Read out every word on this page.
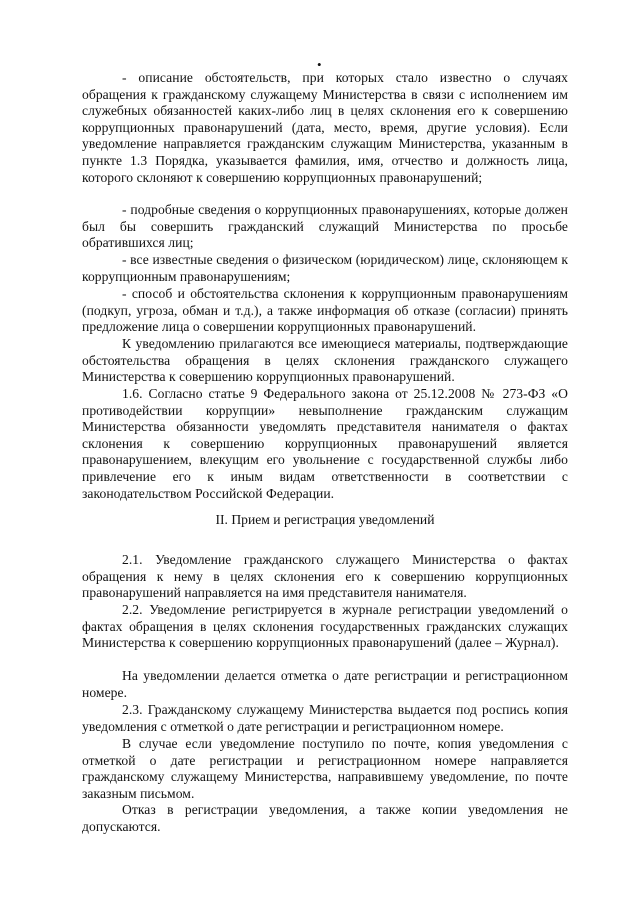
•

- описание обстоятельств, при которых стало известно о случаях обращения к гражданскому служащему Министерства в связи с исполнением им служебных обязанностей каких-либо лиц в целях склонения его к совершению коррупционных правонарушений (дата, место, время, другие условия). Если уведомление направляется гражданским служащим Министерства, указанным в пункте 1.3 Порядка, указывается фамилия, имя, отчество и должность лица, которого склоняют к совершению коррупционных правонарушений;

- подробные сведения о коррупционных правонарушениях, которые должен был бы совершить гражданский служащий Министерства по просьбе обратившихся лиц;

- все известные сведения о физическом (юридическом) лице, склоняющем к коррупционным правонарушениям;

- способ и обстоятельства склонения к коррупционным правонарушениям (подкуп, угроза, обман и т.д.), а также информация об отказе (согласии) принять предложение лица о совершении коррупционных правонарушений.

К уведомлению прилагаются все имеющиеся материалы, подтверждающие обстоятельства обращения в целях склонения гражданского служащего Министерства к совершению коррупционных правонарушений.

1.6. Согласно статье 9 Федерального закона от 25.12.2008 № 273-ФЗ «О противодействии коррупции» невыполнение гражданским служащим Министерства обязанности уведомлять представителя нанимателя о фактах склонения к совершению коррупционных правонарушений является правонарушением, влекущим его увольнение с государственной службы либо привлечение его к иным видам ответственности в соответствии с законодательством Российской Федерации.

II. Прием и регистрация уведомлений

2.1. Уведомление гражданского служащего Министерства о фактах обращения к нему в целях склонения его к совершению коррупционных правонарушений направляется на имя представителя нанимателя.

2.2. Уведомление регистрируется в журнале регистрации уведомлений о фактах обращения в целях склонения государственных гражданских служащих Министерства к совершению коррупционных правонарушений (далее – Журнал).

На уведомлении делается отметка о дате регистрации и регистрационном номере.

2.3. Гражданскому служащему Министерства выдается под роспись копия уведомления с отметкой о дате регистрации и регистрационном номере.

В случае если уведомление поступило по почте, копия уведомления с отметкой о дате регистрации и регистрационном номере направляется гражданскому служащему Министерства, направившему уведомление, по почте заказным письмом.

Отказ в регистрации уведомления, а также копии уведомления не допускаются.
